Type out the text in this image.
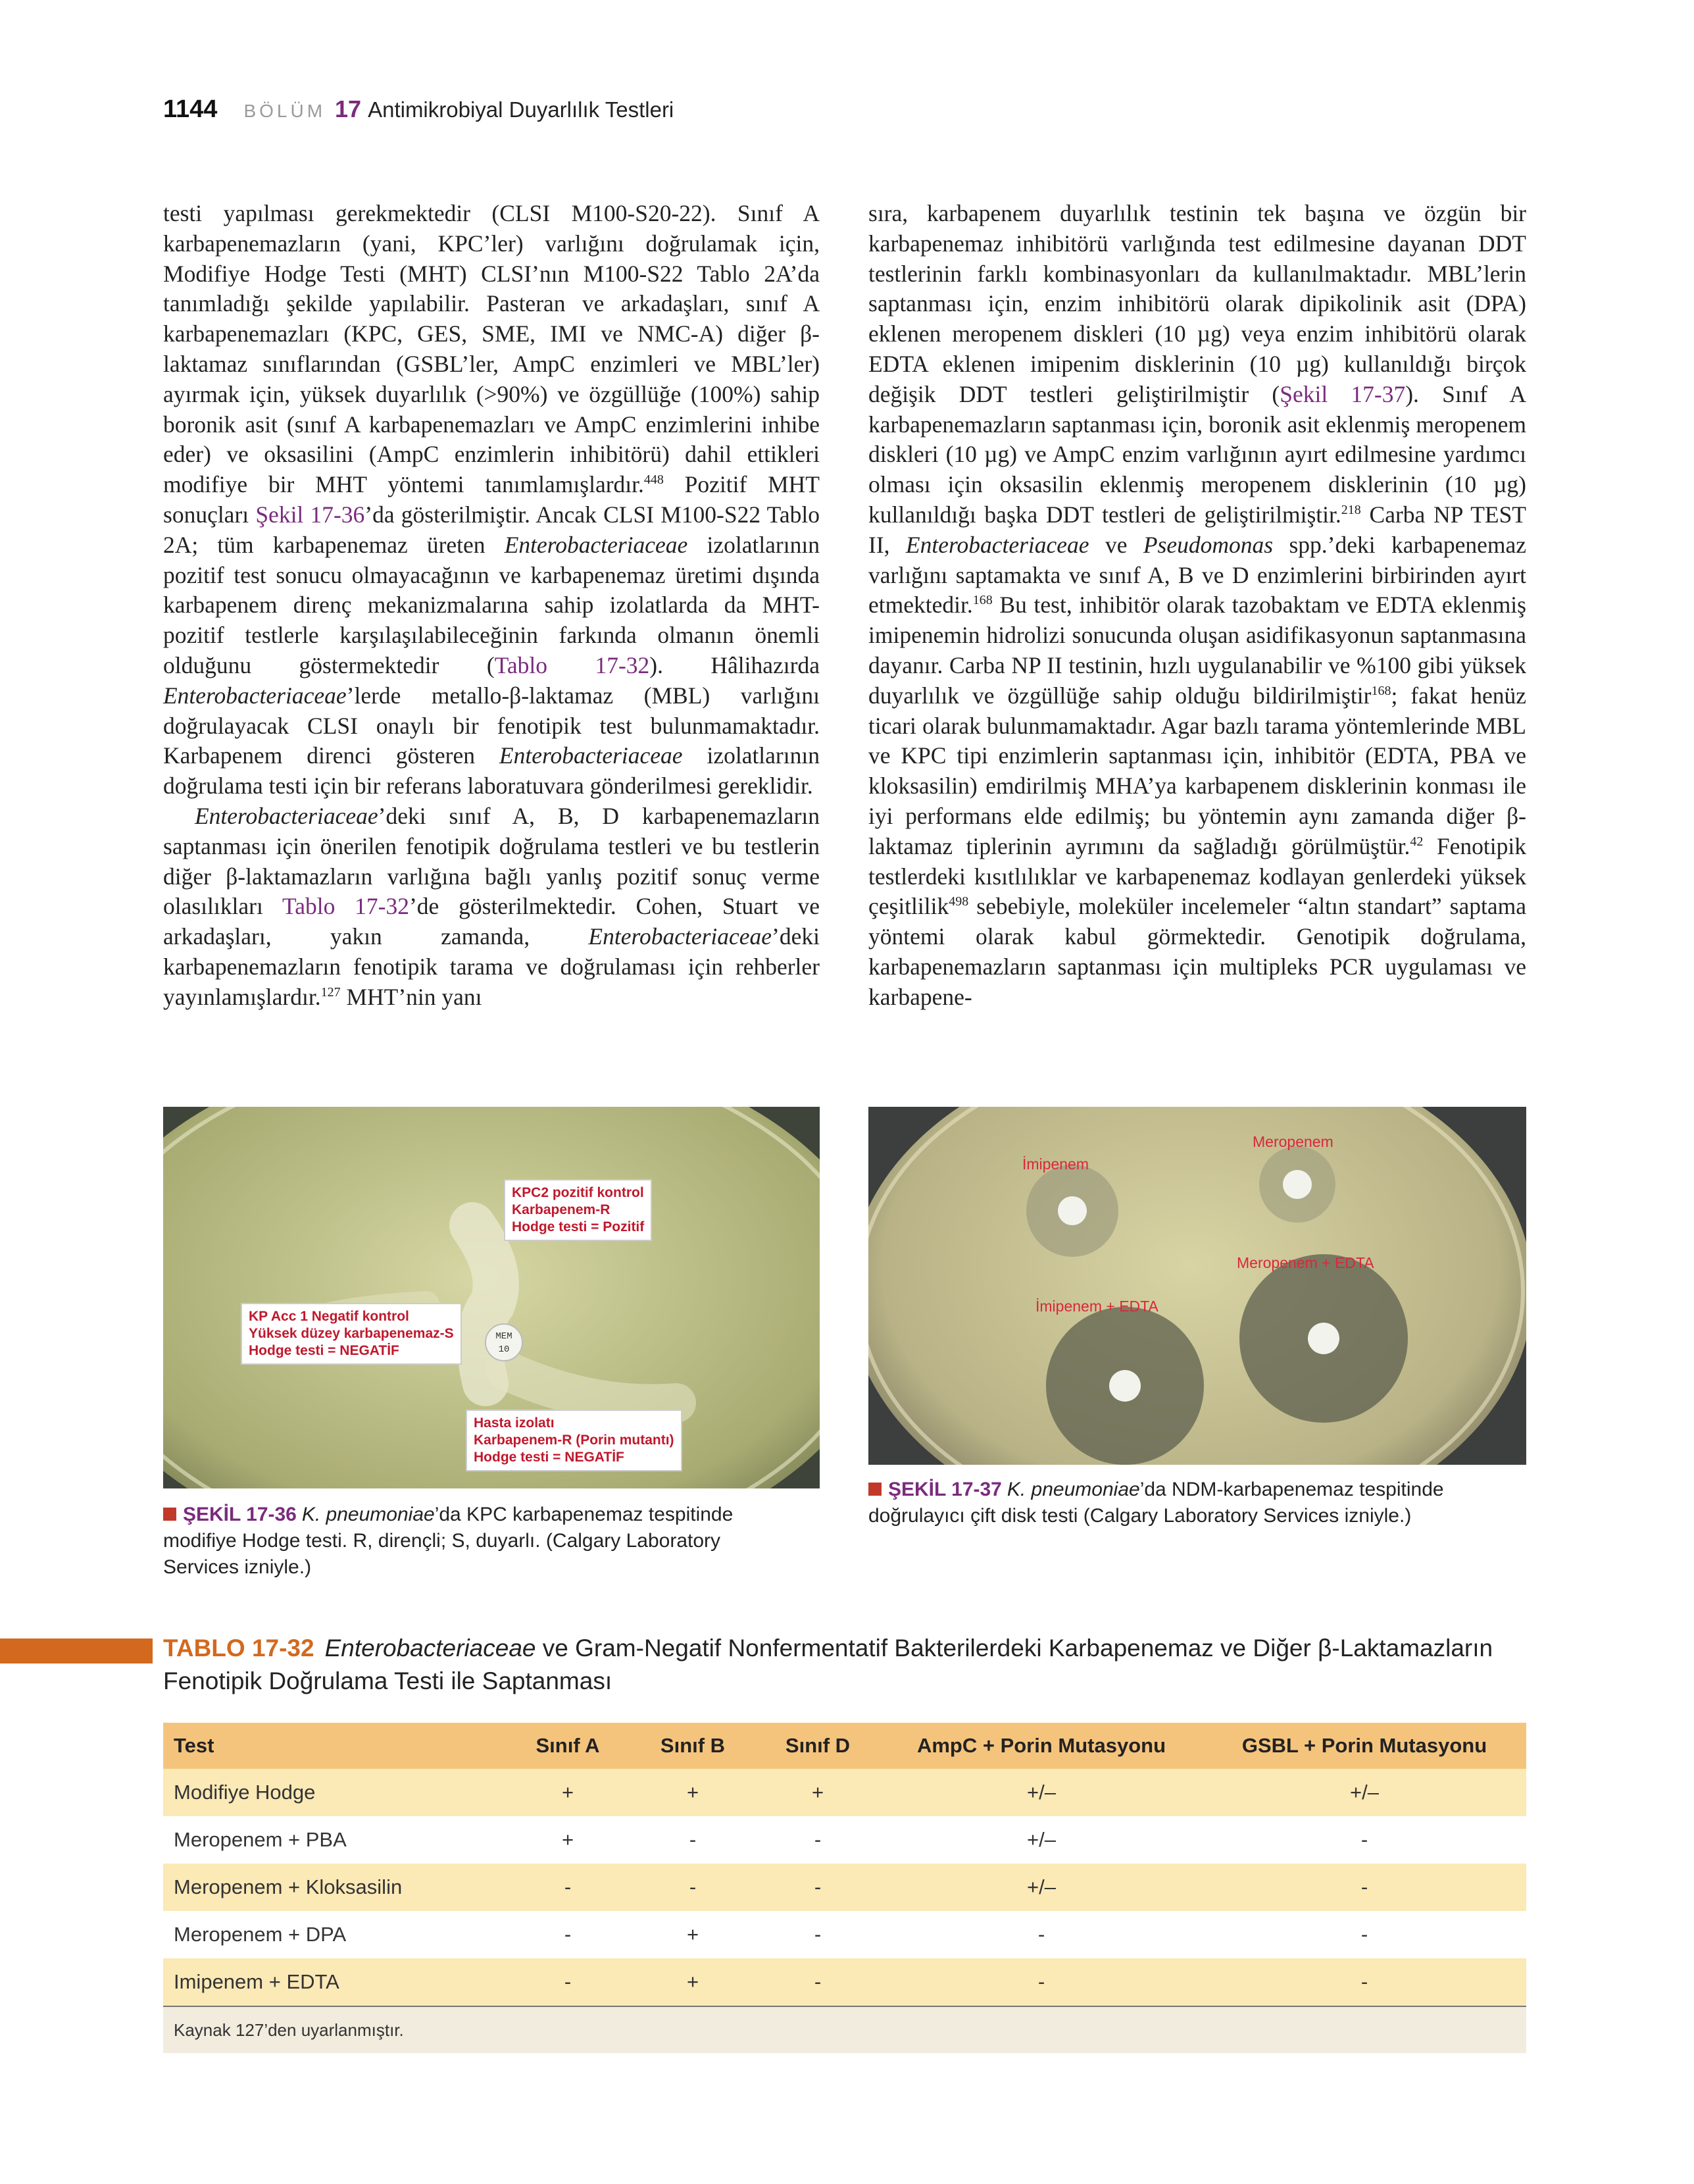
1144 BÖLÜM 17 Antimikrobiyal Duyarlılık Testleri

testi yapılması gerekmektedir (CLSI M100-S20-22). Sınıf A karbapenemazların (yani, KPC’ler) varlığını doğrulamak için, Modifiye Hodge Testi (MHT) CLSI’nın M100-S22 Tablo 2A’da tanımladığı şekilde yapılabilir. Pasteran ve arkadaşları, sınıf A karbapenemazları (KPC, GES, SME, IMI ve NMC-A) diğer β-laktamaz sınıflarından (GSBL’ler, AmpC enzimleri ve MBL’ler) ayırmak için, yüksek duyarlılık (>90%) ve özgüllüğe (100%) sahip boronik asit (sınıf A karbapenemazları ve AmpC enzimlerini inhibe eder) ve oksasilini (AmpC enzimlerin inhibitörü) dahil ettikleri modifiye bir MHT yöntemi tanımlamışlardır.$^{448}$ Pozitif MHT sonuçları Şekil 17-36’da gösterilmiştir. Ancak CLSI M100-S22 Tablo 2A; tüm karbapenemaz üreten Enterobacteriaceae izolatlarının pozitif test sonucu olmayacağının ve karbapenemaz üretimi dışında karbapenem direnç mekanizmalarına sahip izolatlarda da MHT-pozitif testlerle karşılaşılabileceğinin farkında olmanın önemli olduğunu göstermektedir (Tablo 17-32). Hâlihazırda Enterobacteriaceae’lerde metallo-β-laktamaz (MBL) varlığını doğrulayacak CLSI onaylı bir fenotipik test bulunmamaktadır. Karbapenem direnci gösteren Enterobacteriaceae izolatlarının doğrulama testi için bir referans laboratuvara gönderilmesi gereklidir.

Enterobacteriaceae’deki sınıf A, B, D karbapenemazların saptanması için önerilen fenotipik doğrulama testleri ve bu testlerin diğer β-laktamazların varlığına bağlı yanlış pozitif sonuç verme olasılıkları Tablo 17-32’de gösterilmektedir. Cohen, Stuart ve arkadaşları, yakın zamanda, Enterobacteriaceae’deki karbapenemazların fenotipik tarama ve doğrulaması için rehberler yayınlamışlardır.$^{127}$ MHT’nin yanı

sıra, karbapenem duyarlılık testinin tek başına ve özgün bir karbapenemaz inhibitörü varlığında test edilmesine dayanan DDT testlerinin farklı kombinasyonları da kullanılmaktadır. MBL’lerin saptanması için, enzim inhibitörü olarak dipikolinik asit (DPA) eklenen meropenem diskleri (10 µg) veya enzim inhibitörü olarak EDTA eklenen imipenim disklerinin (10 µg) kullanıldığı birçok değişik DDT testleri geliştirilmiştir (Şekil 17-37). Sınıf A karbapenemazların saptanması için, boronik asit eklenmiş meropenem diskleri (10 µg) ve AmpC enzim varlığının ayırt edilmesine yardımcı olması için oksasilin eklenmiş meropenem disklerinin (10 µg) kullanıldığı başka DDT testleri de geliştirilmiştir.$^{218}$ Carba NP TEST II, Enterobacteriaceae ve Pseudomonas spp.’deki karbapenemaz varlığını saptamakta ve sınıf A, B ve D enzimlerini birbirinden ayırt etmektedir.$^{168}$ Bu test, inhibitör olarak tazobaktam ve EDTA eklenmiş imipenemin hidrolizi sonucunda oluşan asidifikasyonun saptanmasına dayanır. Carba NP II testinin, hızlı uygulanabilir ve %100 gibi yüksek duyarlılık ve özgüllüğe sahip olduğu bildirilmiştir$^{168}$; fakat henüz ticari olarak bulunmamaktadır. Agar bazlı tarama yöntemlerinde MBL ve KPC tipi enzimlerin saptanması için, inhibitör (EDTA, PBA ve kloksasilin) emdirilmiş MHA’ya karbapenem disklerinin konması ile iyi performans elde edilmiş; bu yöntemin aynı zamanda diğer β-laktamaz tiplerinin ayrımını da sağladığı görülmüştür.$^{42}$ Fenotipik testlerdeki kısıtlılıklar ve karbapenemaz kodlayan genlerdeki yüksek çeşitlilik$^{498}$ sebebiyle, moleküler incelemeler “altın standart” saptama yöntemi olarak kabul görmektedir. Genotipik doğrulama, karbapenemazların saptanması için multipleks PCR uygulaması ve karbapene-

MEM
10
KPC2 pozitif kontrol
Karbapenem-R
Hodge testi = Pozitif
KP Acc 1 Negatif kontrol
Yüksek düzey karbapenemaz-S
Hodge testi = NEGATİF
Hasta izolatı
Karbapenem-R (Porin mutantı)
Hodge testi = NEGATİF
ŞEKİL 17-36 K. pneumoniae’da KPC karbapenemaz tespitinde modifiye Hodge testi. R, dirençli; S, duyarlı. (Calgary Laboratory Services izniyle.)
İmipenem
Meropenem
Meropenem + EDTA
İmipenem + EDTA
ŞEKİL 17-37 K. pneumoniae’da NDM-karbapenemaz tespitinde doğrulayıcı çift disk testi (Calgary Laboratory Services izniyle.)
TABLO 17-32 Enterobacteriaceae ve Gram-Negatif Nonfermentatif Bakterilerdeki Karbapenemaz ve Diğer β-Laktamazların Fenotipik Doğrulama Testi ile Saptanması
Test	Sınıf A	Sınıf B	Sınıf D	AmpC + Porin Mutasyonu	GSBL + Porin Mutasyonu
Modifiye Hodge	+	+	+	+/–	+/–
Meropenem + PBA	+	-	-	+/–	-
Meropenem + Kloksasilin	-	-	-	+/–	-
Meropenem + DPA	-	+	-	-	-
Imipenem + EDTA	-	+	-	-	-
Kaynak 127’den uyarlanmıştır.					
